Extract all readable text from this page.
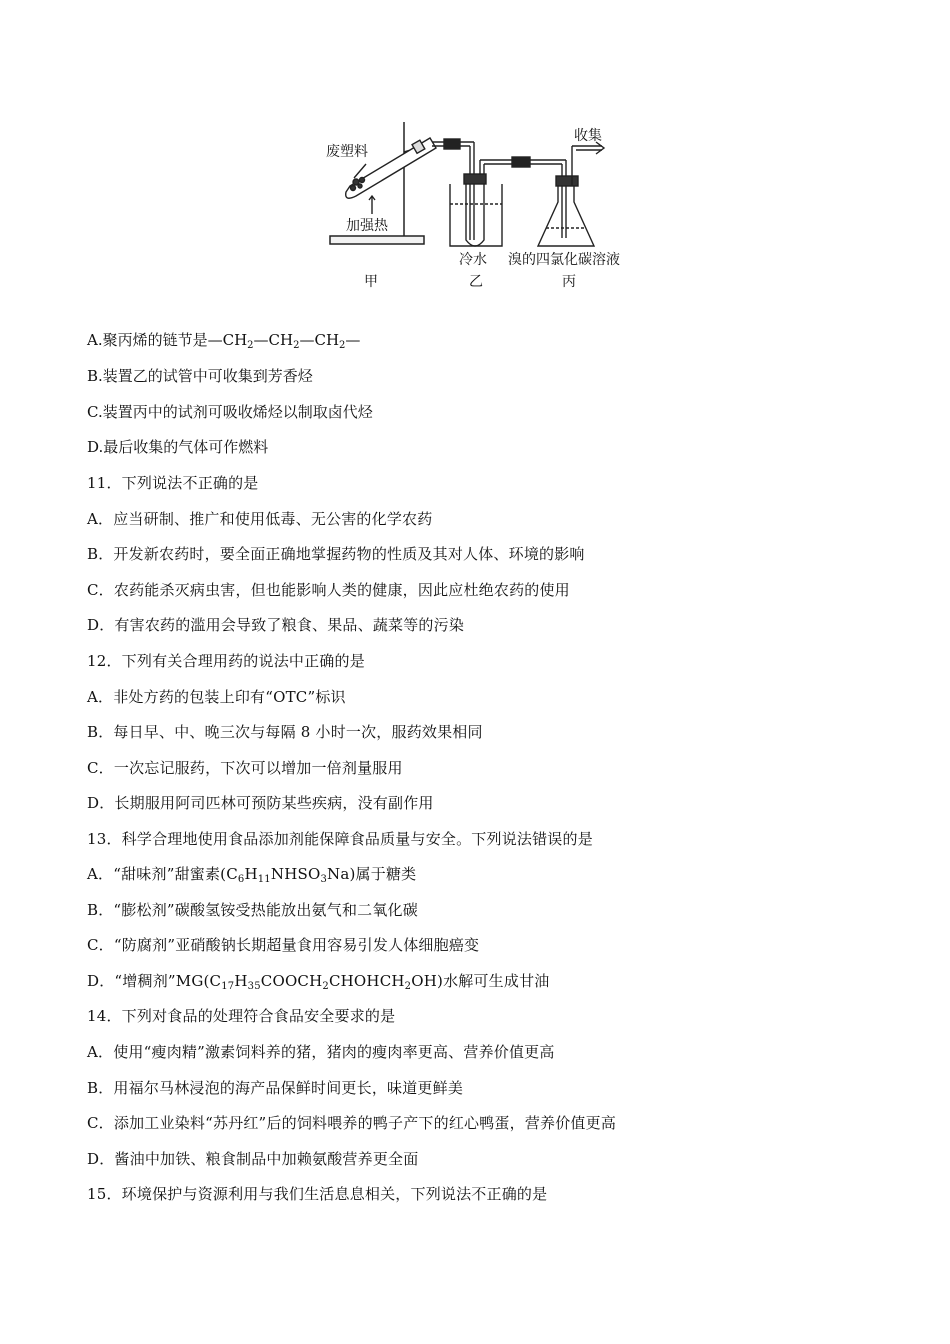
废塑料
加强热
收集
冷水 溴的四氯化碳溶液
甲	乙	丙
A.聚丙烯的链节是$—CH_2—CH_2—CH_2—$
B.装置乙的试管中可收集到芳香烃
C.装置丙中的试剂可吸收烯烃以制取卤代烃
D.最后收集的气体可作燃料
11．下列说法不正确的是
A．应当研制、推广和使用低毒、无公害的化学农药
B．开发新农药时，要全面正确地掌握药物的性质及其对人体、环境的影响
C．农药能杀灭病虫害，但也能影响人类的健康，因此应杜绝农药的使用
D．有害农药的滥用会导致了粮食、果品、蔬菜等的污染
12．下列有关合理用药的说法中正确的是
A．非处方药的包装上印有“OTC”标识
B．每日早、中、晚三次与每隔 8 小时一次，服药效果相同
C．一次忘记服药，下次可以增加一倍剂量服用
D．长期服用阿司匹林可预防某些疾病，没有副作用
13．科学合理地使用食品添加剂能保障食品质量与安全。下列说法错误的是
A．“甜味剂”甜蜜素$(C_6H_{11}NHSO_3Na)$属于糖类
B．“膨松剂”碳酸氢铵受热能放出氨气和二氧化碳
C．“防腐剂”亚硝酸钠长期超量食用容易引发人体细胞癌变
D．“增稠剂$”MG(C_{17}H_{35}COOCH_2CHOHCH_2OH)$水解可生成甘油
14．下列对食品的处理符合食品安全要求的是
A．使用“瘦肉精”激素饲料养的猪，猪肉的瘦肉率更高、营养价值更高
B．用福尔马林浸泡的海产品保鲜时间更长，味道更鲜美
C．添加工业染料“苏丹红”后的饲料喂养的鸭子产下的红心鸭蛋，营养价值更高
D．酱油中加铁、粮食制品中加赖氨酸营养更全面
15．环境保护与资源利用与我们生活息息相关，下列说法不正确的是
